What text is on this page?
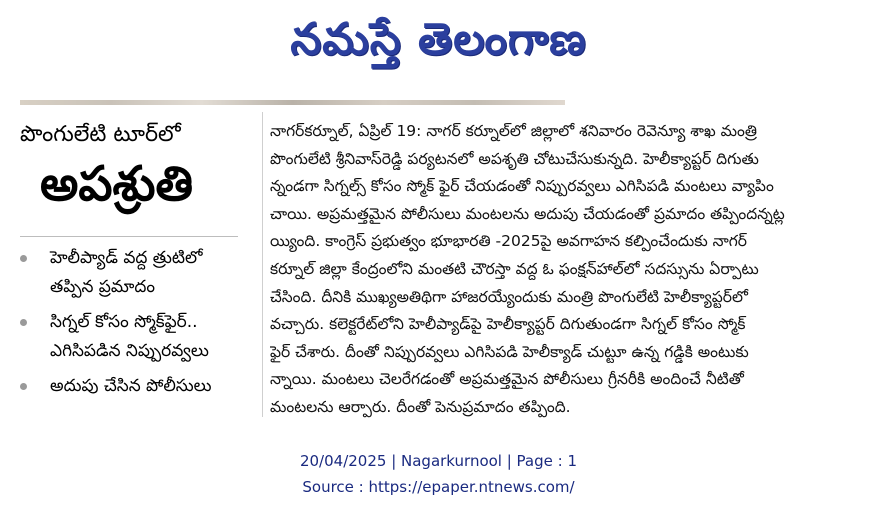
నమస్తే తెలంగాణ
పొంగులేటి టూర్‌లో
అపశ్రుతి
హెలీప్యాడ్ వద్ద త్రుటిలో
తప్పిన ప్రమాదం
సిగ్నల్ కోసం స్మోక్‌ఫైర్..
ఎగిసిపడిన నిప్పురవ్వలు
అదుపు చేసిన పోలీసులు
నాగర్‌కర్నూల్, ఏప్రిల్ 19: నాగర్‌ కర్నూల్‌లో జిల్లాలో శనివారం రెవెన్యూ శాఖ మంత్రి
పొంగులేటి శ్రీనివాస్‌రెడ్డి పర్యటనలో అపశృతి చోటుచేసుకున్నది. హెలీక్యాప్టర్ దిగుతు
న్నండగా సిగ్నల్స్ కోసం స్మోక్ ఫైర్ చేయడంతో నిప్పురవ్వలు ఎగిసిపడి మంటలు వ్యాపిం
చాయి. అప్రమత్తమైన పోలీసులు మంటలను అదుపు చేయడంతో ప్రమాదం తప్పిందన్నట్ల
య్యింది. కాంగ్రెస్ ప్రభుత్వం భూభారతి -2025పై అవగాహన కల్పించేందుకు నాగర్
కర్నూల్ జిల్లా కేంద్రంలోని మంతటి చౌరస్తా వద్ద ఓ ఫంక్షన్‌హాల్‌లో సదస్సును ఏర్పాటు
చేసింది. దీనికి ముఖ్యఅతిథిగా హాజరయ్యేందుకు మంత్రి పొంగులేటి హెలీక్యాప్టర్‌లో
వచ్చారు. కలెక్టరేట్‌లోని హెలీప్యాడ్‌పై హెలీక్యాప్టర్ దిగుతుండగా సిగ్నల్ కోసం స్మోక్
ఫైర్ చేశారు. దీంతో నిప్పురవ్వలు ఎగిసిపడి హెలీక్యాడ్ చుట్టూ ఉన్న గడ్డికి అంటుకు
న్నాయి. మంటలు చెలరేగడంతో అప్రమత్తమైన పోలీసులు గ్రీనరీకి అందించే నీటితో
మంటలను ఆర్పారు. దీంతో పెనుప్రమాదం తప్పింది.
20/04/2025 | Nagarkurnool | Page : 1
Source : https://epaper.ntnews.com/
